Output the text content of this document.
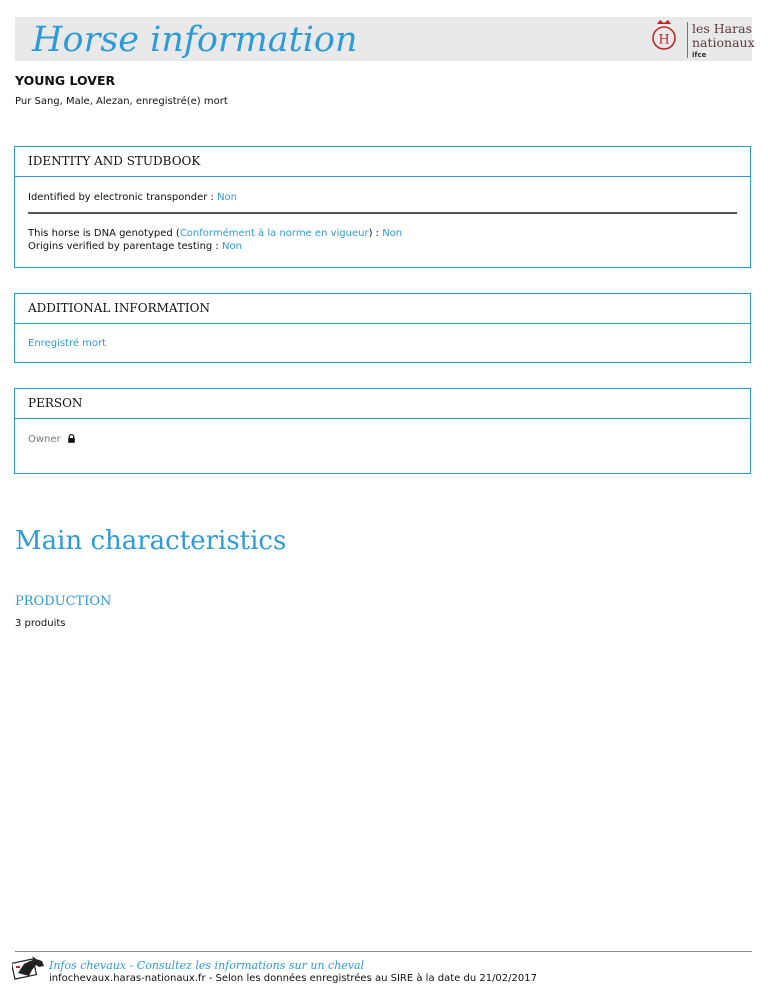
Horse information	H
les Haras
nationaux
ifce
YOUNG LOVER
Pur Sang, Male, Alezan, enregistré(e) mort
IDENTITY AND STUDBOOK
Identified by electronic transponder : Non
This horse is DNA genotyped (Conformément à la norme en vigueur) : Non
Origins verified by parentage testing : Non
ADDITIONAL INFORMATION
Enregistré mort
PERSON
Owner
Main characteristics
PRODUCTION
3 produits
Infos chevaux - Consultez les informations sur un cheval
infochevaux.haras-nationaux.fr - Selon les données enregistrées au SIRE à la date du 21/02/2017
